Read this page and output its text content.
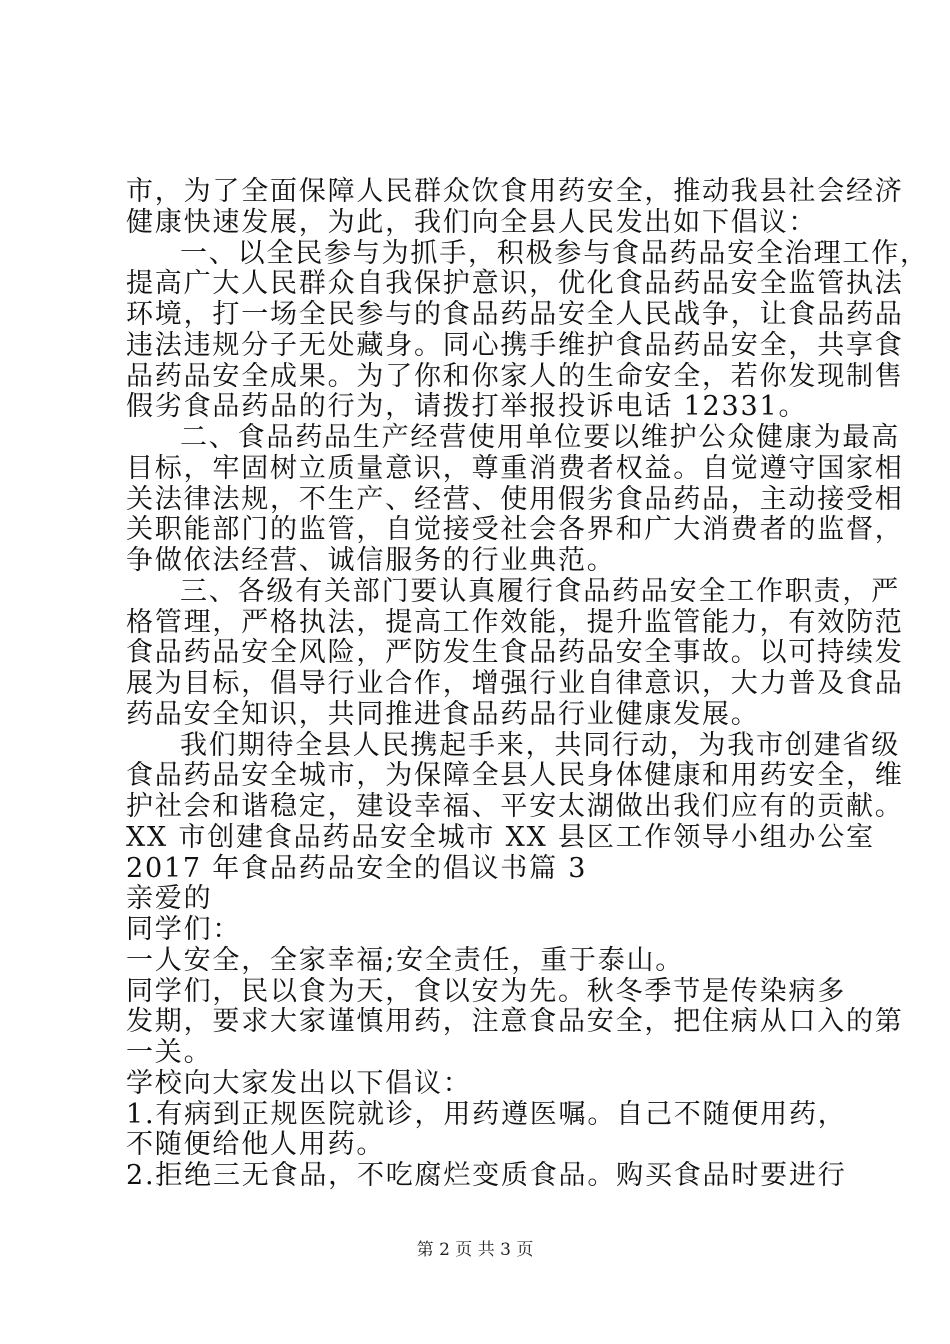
市，为了全面保障人民群众饮食用药安全，推动我县社会经济
健康快速发展，为此，我们向全县人民发出如下倡议：
一、以全民参与为抓手，积极参与食品药品安全治理工作，
提高广大人民群众自我保护意识，优化食品药品安全监管执法
环境，打一场全民参与的食品药品安全人民战争，让食品药品
违法违规分子无处藏身。同心携手维护食品药品安全，共享食
品药品安全成果。为了你和你家人的生命安全，若你发现制售
假劣食品药品的行为，请拨打举报投诉电话 12331。
二、食品药品生产经营使用单位要以维护公众健康为最高
目标，牢固树立质量意识，尊重消费者权益。自觉遵守国家相
关法律法规，不生产、经营、使用假劣食品药品，主动接受相
关职能部门的监管，自觉接受社会各界和广大消费者的监督，
争做依法经营、诚信服务的行业典范。
三、各级有关部门要认真履行食品药品安全工作职责，严
格管理，严格执法，提高工作效能，提升监管能力，有效防范
食品药品安全风险，严防发生食品药品安全事故。以可持续发
展为目标，倡导行业合作，增强行业自律意识，大力普及食品
药品安全知识，共同推进食品药品行业健康发展。
我们期待全县人民携起手来，共同行动，为我市创建省级
食品药品安全城市，为保障全县人民身体健康和用药安全，维
护社会和谐稳定，建设幸福、平安太湖做出我们应有的贡献。
XX 市创建食品药品安全城市 XX 县区工作领导小组办公室
2017 年食品药品安全的倡议书篇 3
亲爱的
同学们：
一人安全，全家幸福;安全责任，重于泰山。
同学们，民以食为天，食以安为先。秋冬季节是传染病多
发期，要求大家谨慎用药，注意食品安全，把住病从口入的第
一关。
学校向大家发出以下倡议：
1.有病到正规医院就诊，用药遵医嘱。自己不随便用药，
不随便给他人用药。
2.拒绝三无食品，不吃腐烂变质食品。购买食品时要进行
第 2 页 共 3 页
